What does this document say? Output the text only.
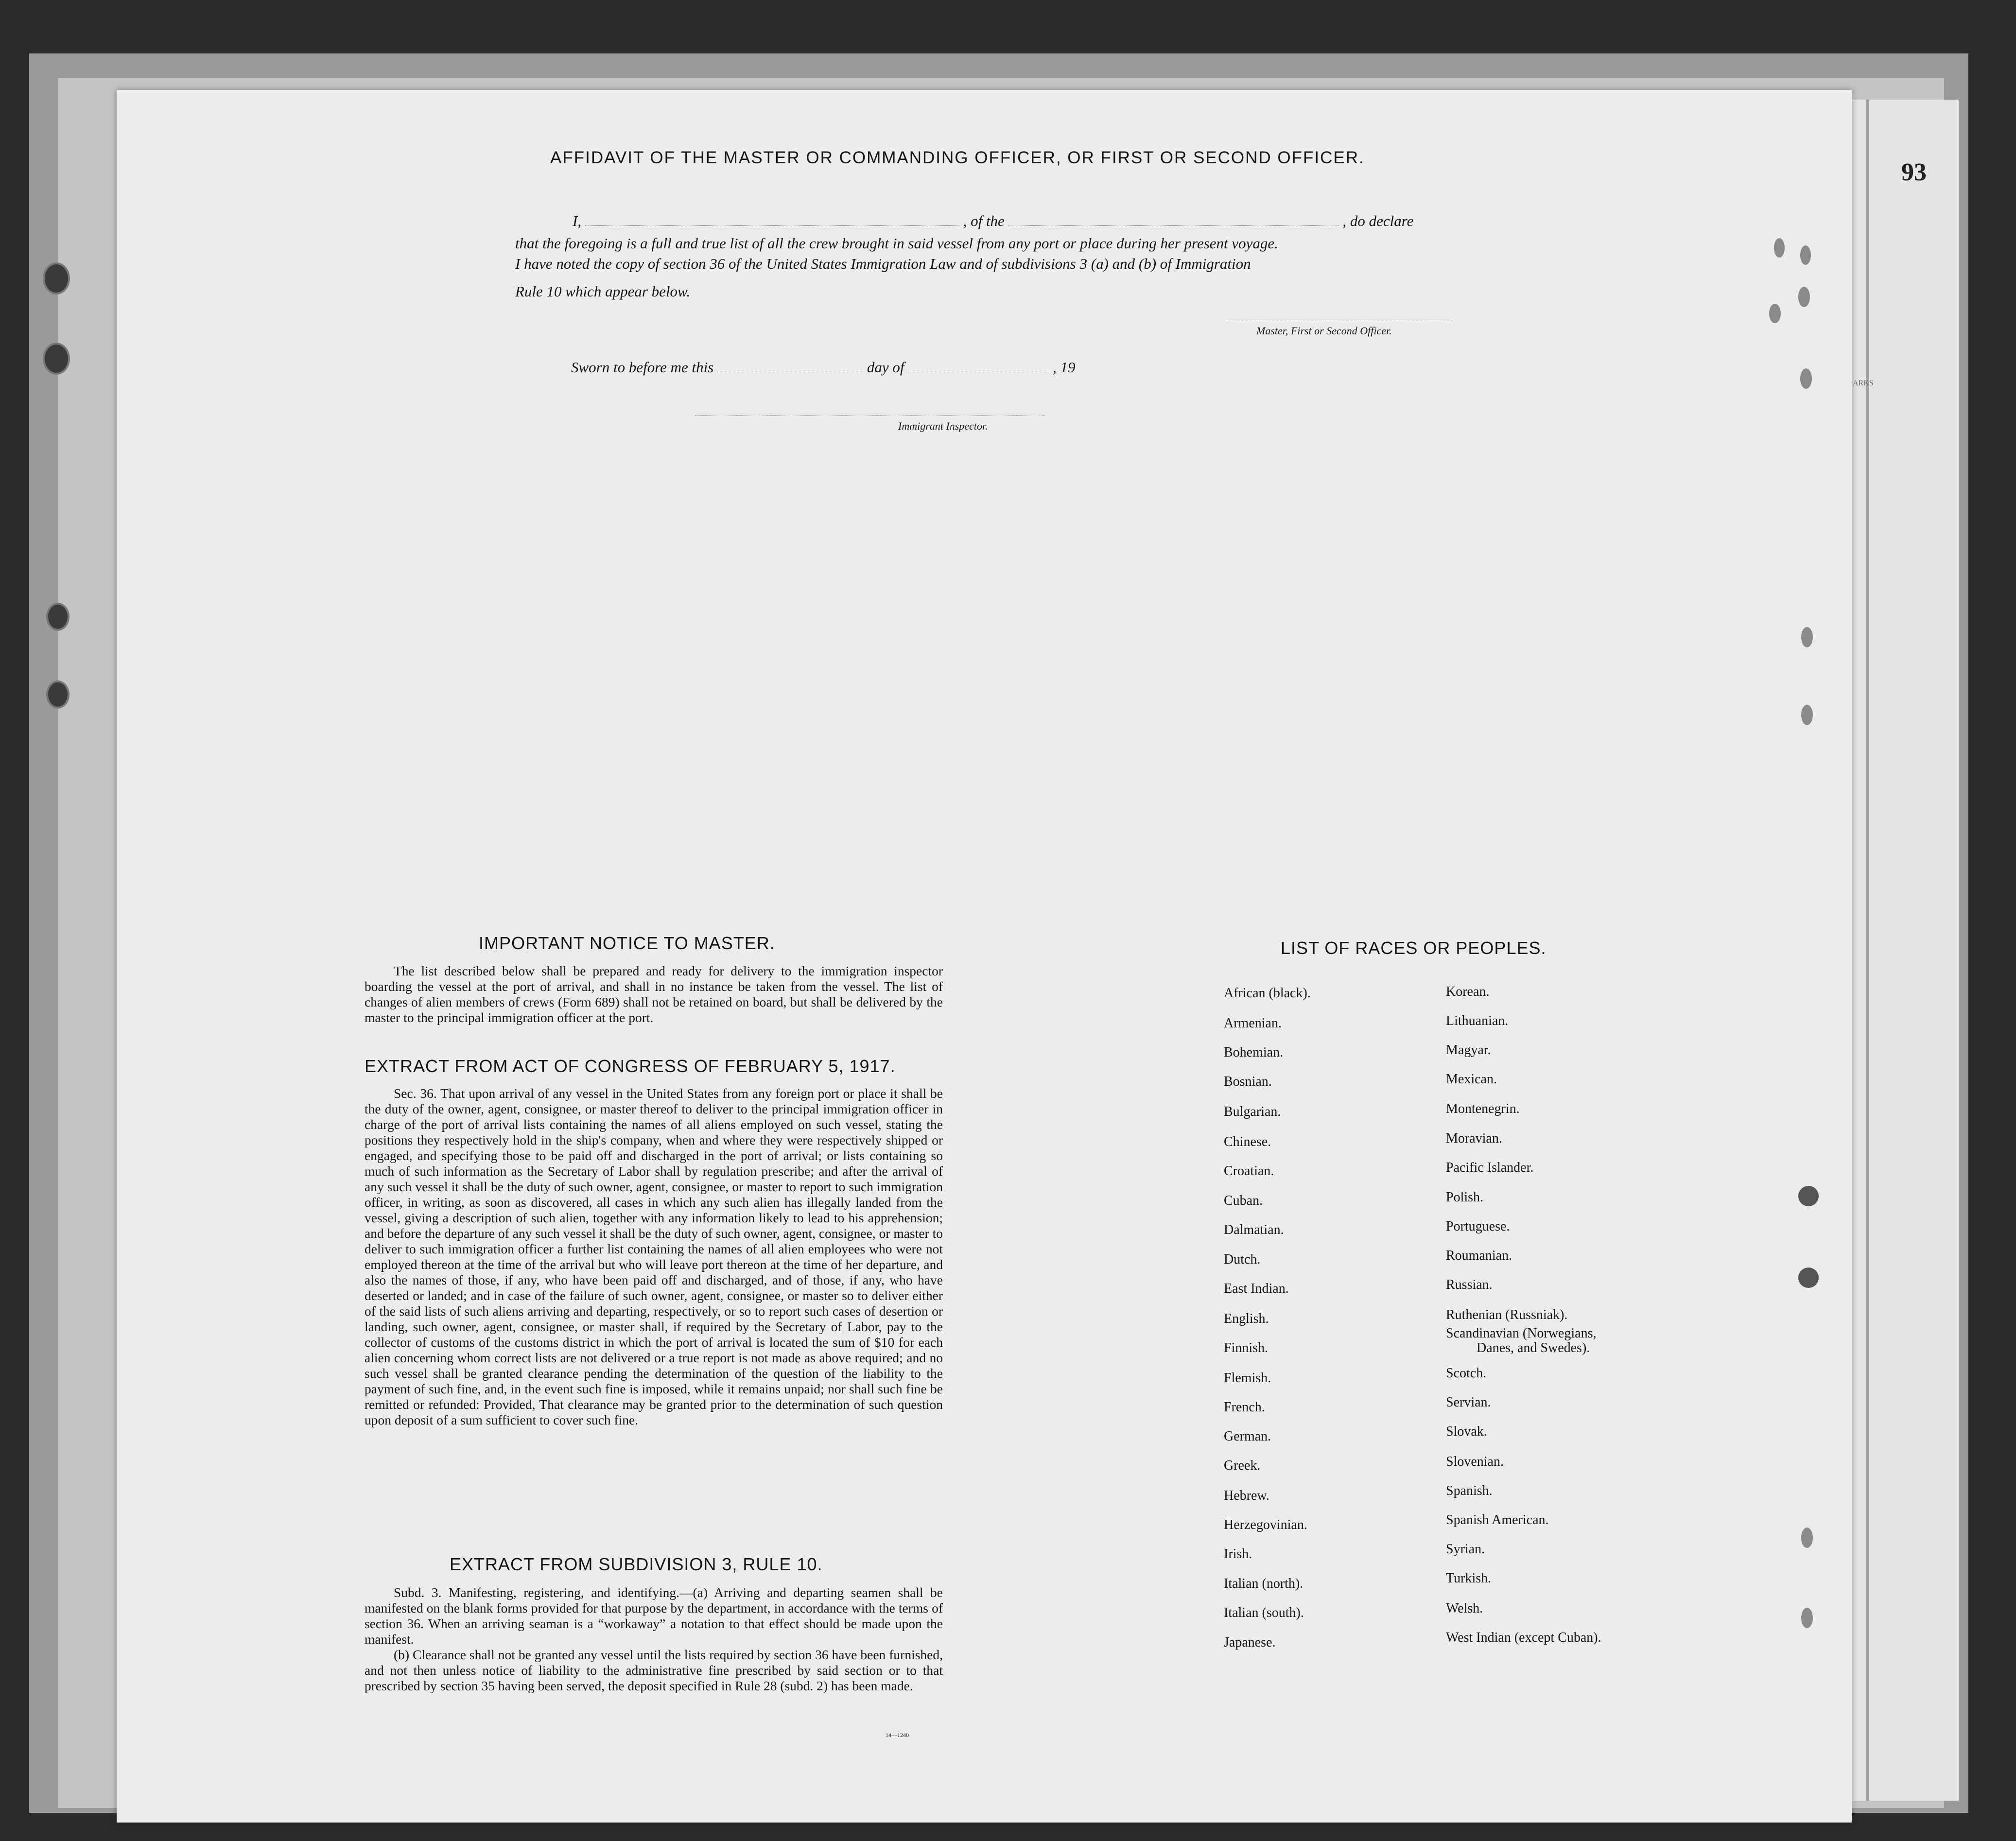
93
ARKS
AFFIDAVIT OF THE MASTER OR COMMANDING OFFICER, OR FIRST OR SECOND OFFICER.
I,	, of the	, do declare
that the foregoing is a full and true list of all the crew brought in said vessel from any port or place during her present voyage.
I have noted the copy of section 36 of the United States Immigration Law and of subdivisions 3 (a) and (b) of Immigration
Rule 10 which appear below.
Master, First or Second Officer.
Sworn to before me this	day of	, 19
Immigrant Inspector.
IMPORTANT NOTICE TO MASTER.

The list described below shall be prepared and ready for delivery to the immigration inspector boarding the vessel at the port of arrival, and shall in no instance be taken from the vessel. The list of changes of alien members of crews (Form 689) shall not be retained on board, but shall be delivered by the master to the principal immigration officer at the port.

EXTRACT FROM ACT OF CONGRESS OF FEBRUARY 5, 1917.

Sec. 36. That upon arrival of any vessel in the United States from any foreign port or place it shall be the duty of the owner, agent, consignee, or master thereof to deliver to the principal immigration officer in charge of the port of arrival lists containing the names of all aliens employed on such vessel, stating the positions they respectively hold in the ship's company, when and where they were respectively shipped or engaged, and specifying those to be paid off and discharged in the port of arrival; or lists containing so much of such information as the Secretary of Labor shall by regulation prescribe; and after the arrival of any such vessel it shall be the duty of such owner, agent, consignee, or master to report to such immigration officer, in writing, as soon as discovered, all cases in which any such alien has illegally landed from the vessel, giving a description of such alien, together with any information likely to lead to his apprehension; and before the departure of any such vessel it shall be the duty of such owner, agent, consignee, or master to deliver to such immigration officer a further list containing the names of all alien employees who were not employed thereon at the time of the arrival but who will leave port thereon at the time of her departure, and also the names of those, if any, who have been paid off and discharged, and of those, if any, who have deserted or landed; and in case of the failure of such owner, agent, consignee, or master so to deliver either of the said lists of such aliens arriving and departing, respectively, or so to report such cases of desertion or landing, such owner, agent, consignee, or master shall, if required by the Secretary of Labor, pay to the collector of customs of the customs district in which the port of arrival is located the sum of $10 for each alien concerning whom correct lists are not delivered or a true report is not made as above required; and no such vessel shall be granted clearance pending the determination of the question of the liability to the payment of such fine, and, in the event such fine is imposed, while it remains unpaid; nor shall such fine be remitted or refunded: Provided, That clearance may be granted prior to the determination of such question upon deposit of a sum sufficient to cover such fine.

EXTRACT FROM SUBDIVISION 3, RULE 10.

Subd. 3. Manifesting, registering, and identifying.—(a) Arriving and departing seamen shall be manifested on the blank forms provided for that purpose by the department, in accordance with the terms of section 36. When an arriving seaman is a “workaway” a notation to that effect should be made upon the manifest.

(b) Clearance shall not be granted any vessel until the lists required by section 36 have been furnished, and not then unless notice of liability to the administrative fine prescribed by said section or to that prescribed by section 35 having been served, the deposit specified in Rule 28 (subd. 2) has been made.

14—1240
LIST OF RACES OR PEOPLES.
African (black).
Armenian.
Bohemian.
Bosnian.
Bulgarian.
Chinese.
Croatian.
Cuban.
Dalmatian.
Dutch.
East Indian.
English.
Finnish.
Flemish.
French.
German.
Greek.
Hebrew.
Herzegovinian.
Irish.
Italian (north).
Italian (south).
Japanese.
Korean.
Lithuanian.
Magyar.
Mexican.
Montenegrin.
Moravian.
Pacific Islander.
Polish.
Portuguese.
Roumanian.
Russian.
Ruthenian (Russniak).
Scandinavian (Norwegians,
Scotch.
Servian.
Slovak.
Slovenian.
Spanish.
Spanish American.
Syrian.
Turkish.
Welsh.
West Indian (except Cuban).
Danes, and Swedes).
